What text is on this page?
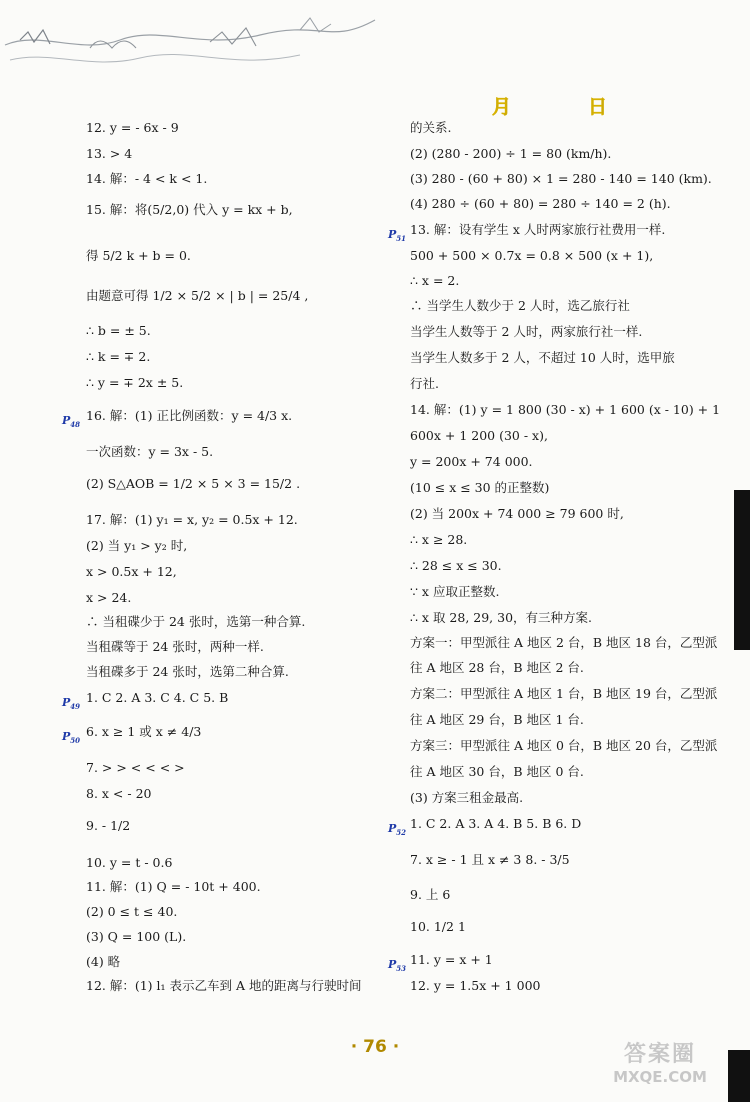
月	日
12. y = - 6x - 9
13. > 4
14. 解：- 4 < k < 1.
15. 解：将(5/2,0) 代入 y = kx + b,
得 5/2 k + b = 0.
由题意可得 1/2 × 5/2 × | b | = 25/4 ,
∴ b = ± 5.
∴ k = ∓ 2.
∴ y = ∓ 2x ± 5.
16. 解：(1) 正比例函数：y = 4/3 x.
一次函数：y = 3x - 5.
(2) S△AOB = 1/2 × 5 × 3 = 15/2 .
17. 解：(1) y₁ = x, y₂ = 0.5x + 12.
(2) 当 y₁ > y₂ 时,
x > 0.5x + 12,
x > 24.
∴ 当租碟少于 24 张时，选第一种合算.
当租碟等于 24 张时，两种一样.
当租碟多于 24 张时，选第二种合算.
1. C 2. A 3. C 4. C 5. B
6. x ≥ 1 或 x ≠ 4/3
7. > > < < < >
8. x < - 20
9. - 1/2
10. y = t - 0.6
11. 解：(1) Q = - 10t + 400.
(2) 0 ≤ t ≤ 40.
(3) Q = 100 (L).
(4) 略
12. 解：(1) l₁ 表示乙车到 A 地的距离与行驶时间
的关系.
(2) (280 - 200) ÷ 1 = 80 (km/h).
(3) 280 - (60 + 80) × 1 = 280 - 140 = 140 (km).
(4) 280 ÷ (60 + 80) = 280 ÷ 140 = 2 (h).
13. 解：设有学生 x 人时两家旅行社费用一样.
500 + 500 × 0.7x = 0.8 × 500 (x + 1),
∴ x = 2.
∴ 当学生人数少于 2 人时，选乙旅行社
当学生人数等于 2 人时，两家旅行社一样.
当学生人数多于 2 人，不超过 10 人时，选甲旅
行社.
14. 解：(1) y = 1 800 (30 - x) + 1 600 (x - 10) + 1
600x + 1 200 (30 - x),
y = 200x + 74 000.
(10 ≤ x ≤ 30 的正整数)
(2) 当 200x + 74 000 ≥ 79 600 时,
∴ x ≥ 28.
∴ 28 ≤ x ≤ 30.
∵ x 应取正整数.
∴ x 取 28, 29, 30，有三种方案.
方案一：甲型派往 A 地区 2 台，B 地区 18 台，乙型派
往 A 地区 28 台，B 地区 2 台.
方案二：甲型派往 A 地区 1 台，B 地区 19 台，乙型派
往 A 地区 29 台，B 地区 1 台.
方案三：甲型派往 A 地区 0 台，B 地区 20 台，乙型派
往 A 地区 30 台，B 地区 0 台.
(3) 方案三租金最高.
1. C 2. A 3. A 4. B 5. B 6. D
7. x ≥ - 1 且 x ≠ 3 8. - 3/5
9. 上 6
10. 1/2 1
11. y = x + 1
12. y = 1.5x + 1 000
$P_{48}$
$P_{49}$
$P_{50}$
$P_{51}$
$P_{52}$
$P_{53}$
· 76 ·	答案圈
MXQE.COM
